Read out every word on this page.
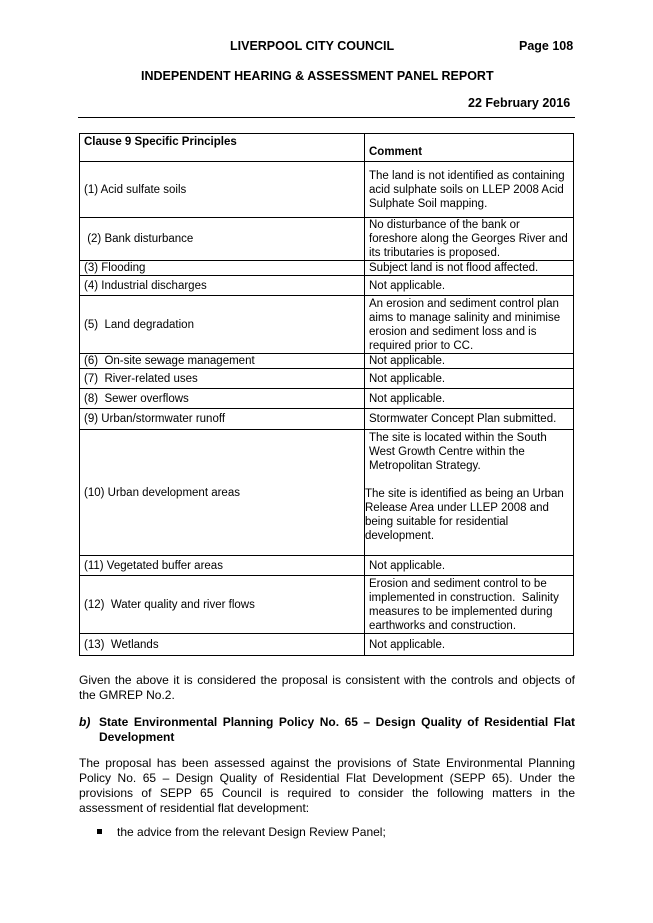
LIVERPOOL CITY COUNCIL	Page 108
INDEPENDENT HEARING & ASSESSMENT PANEL REPORT
22 February 2016
Clause 9 Specific Principles	Comment
(1) Acid sulfate soils	The land is not identified as containing acid sulphate soils on LLEP 2008 Acid Sulphate Soil mapping.
(2) Bank disturbance	No disturbance of the bank or foreshore along the Georges River and its tributaries is proposed.
(3) Flooding	Subject land is not flood affected.
(4) Industrial discharges	Not applicable.
(5)  Land degradation	An erosion and sediment control plan aims to manage salinity and minimise erosion and sediment loss and is required prior to CC.
(6)  On-site sewage management	Not applicable.
(7)  River-related uses	Not applicable.
(8)  Sewer overflows	Not applicable.
(9) Urban/stormwater runoff	Stormwater Concept Plan submitted.
(10) Urban development areas	The site is located within the South West Growth Centre within the Metropolitan Strategy.
The site is identified as being an Urban Release Area under LLEP 2008 and being suitable for residential development.

(11) Vegetated buffer areas	Not applicable.
(12)  Water quality and river flows	Erosion and sediment control to be implemented in construction.  Salinity measures to be implemented during earthworks and construction.
(13)  Wetlands	Not applicable.
Given the above it is considered the proposal is consistent with the controls and objects of the GMREP No.2.
b) State Environmental Planning Policy No. 65 – Design Quality of Residential Flat Development
The proposal has been assessed against the provisions of State Environmental Planning Policy No. 65 – Design Quality of Residential Flat Development (SEPP 65). Under the provisions of SEPP 65 Council is required to consider the following matters in the assessment of residential flat development:
the advice from the relevant Design Review Panel;
